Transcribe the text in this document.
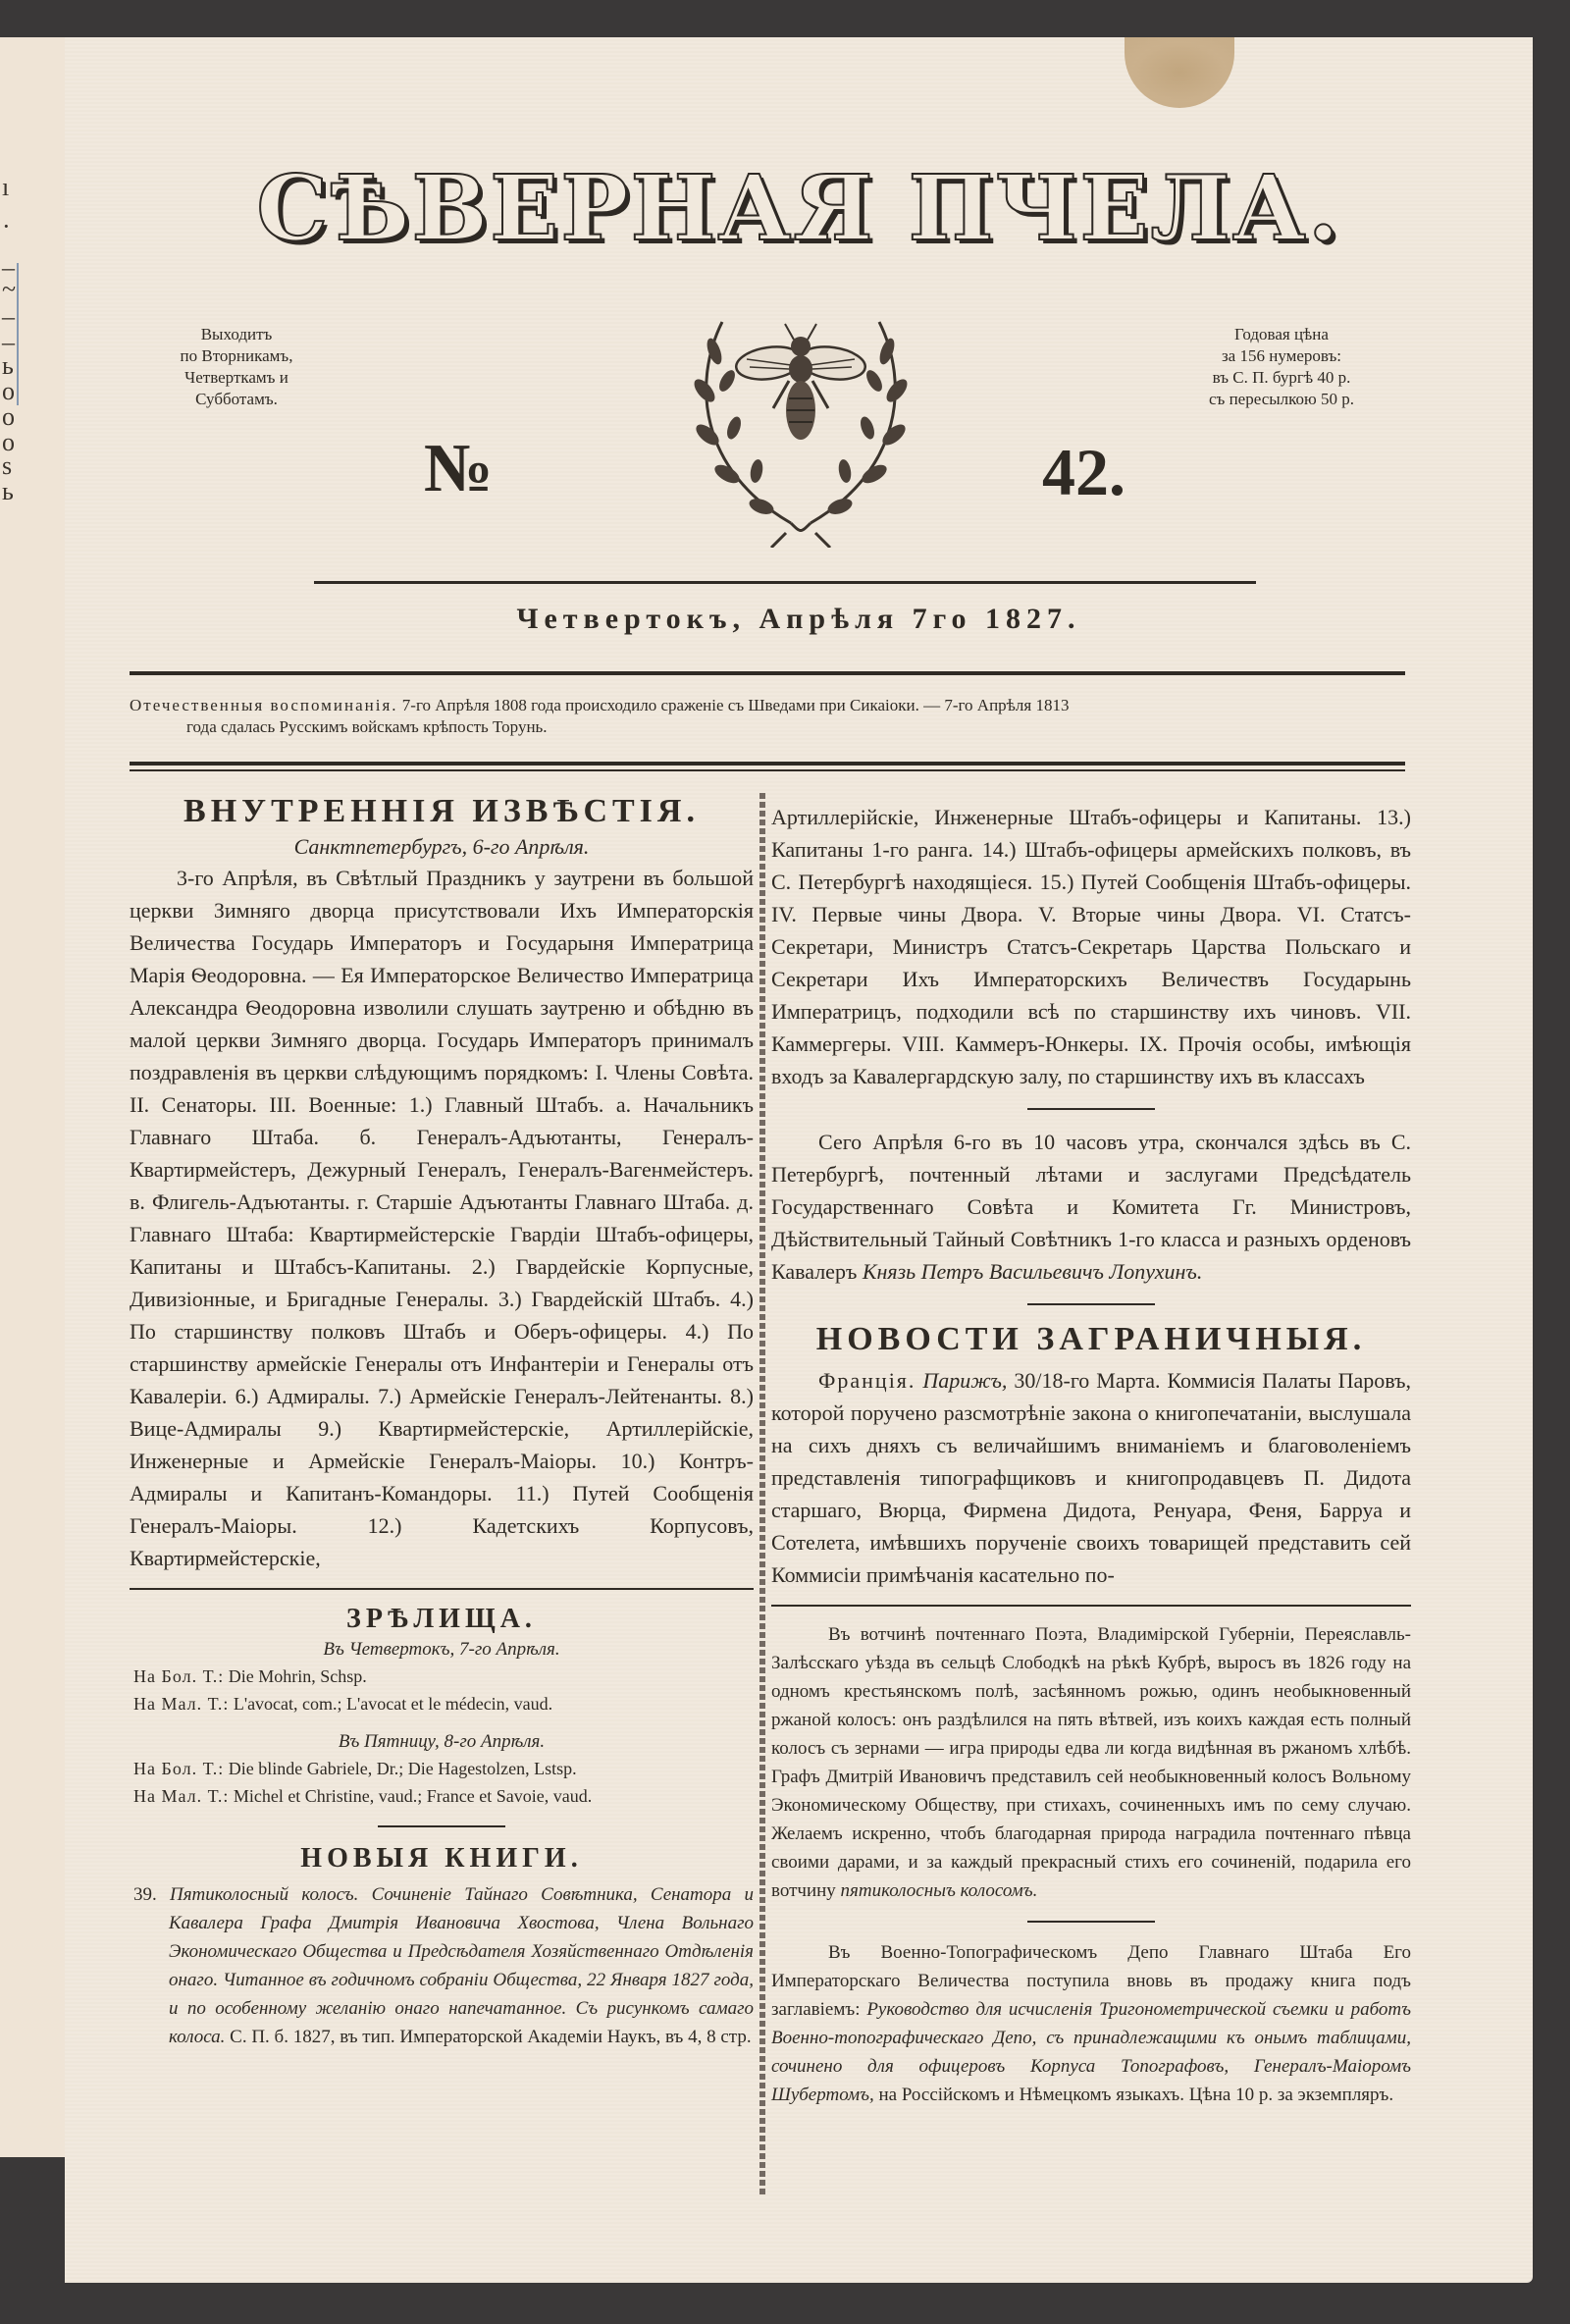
ı
·
–
~
–
–
ь
о
о
о
s
ь
СѢВЕРНАЯ ПЧЕЛА.
Выходитъ
по Вторникамъ,
Четверткамъ и
Субботамъ.
Годовая цѣна
за 156 нумеровъ:
въ С. П. бургѣ 40 р.
съ пересылкою 50 р.
№	42.
Четвертокъ, Апрѣля 7го 1827.
Отечественныя воспоминанія. 7-го Апрѣля 1808 года происходило сраженіе съ Шведами при Сикаіоки. — 7-го Апрѣля 1813
года сдалась Русскимъ войскамъ крѣпость Торунь.
ВНУТРЕННІЯ ИЗВѢСТІЯ.
Санктпетербургъ, 6-го Апрѣля.

3-го Апрѣля, въ Свѣтлый Праздникъ у заутрени въ большой церкви Зимняго дворца присутствовали Ихъ Императорскія Величества Государь Императоръ и Государыня Императрица Марія Ѳеодоровна. — Ея Императорское Величество Императрица Александра Ѳеодоровна изволили слушать заутреню и обѣдню въ малой церкви Зимняго дворца. Государь Императоръ принималъ поздравленія въ церкви слѣдующимъ порядкомъ: I. Члены Совѣта. II. Сенаторы. III. Военные: 1.) Главный Штабъ. а. Начальникъ Главнаго Штаба. б. Генералъ-Адъютанты, Генералъ-Квартирмейстеръ, Дежурный Генералъ, Генералъ-Вагенмейстеръ. в. Флигель-Адъютанты. г. Старшіе Адъютанты Главнаго Штаба. д. Главнаго Штаба: Квартирмейстерскіе Гвардіи Штабъ-офицеры, Капитаны и Штабсъ-Капитаны. 2.) Гвардейскіе Корпусные, Дивизіонные, и Бригадные Генералы. 3.) Гвардейскій Штабъ. 4.) По старшинству полковъ Штабъ и Оберъ-офицеры. 4.) По старшинству армейскіе Генералы отъ Инфантеріи и Генералы отъ Кавалеріи. 6.) Адмиралы. 7.) Армейскіе Генералъ-Лейтенанты. 8.) Вице-Адмиралы 9.) Квартирмейстерскіе, Артиллерійскіе, Инженерные и Армейскіе Генералъ-Маіоры. 10.) Контръ-Адмиралы и Капитанъ-Командоры. 11.) Путей Сообщенія Генералъ-Маіоры. 12.) Кадетскихъ Корпусовъ, Квартирмейстерскіе,

ЗРѢЛИЩА.
Въ Четвертокъ, 7-го Апрѣля.
На Бол. Т.: Die Mohrin, Schsp.
На Мал. Т.: L'avocat, com.; L'avocat et le médecin, vaud.
Въ Пятницу, 8-го Апрѣля.
На Бол. Т.: Die blinde Gabriele, Dr.; Die Hagestolzen, Lstsp.
На Мал. Т.: Michel et Christine, vaud.; France et Savoie, vaud.
НОВЫЯ КНИГИ.
39. Пятиколосный колосъ. Сочиненіе Тайнаго Совѣтника, Сенатора и Кавалера Графа Дмитрія Ивановича Хвостова, Члена Вольнаго Экономическаго Общества и Предсѣдателя Хозяйственнаго Отдѣленія онаго. Читанное въ годичномъ собраніи Общества, 22 Января 1827 года, и по особенному желанію онаго напечатанное. Съ рисункомъ самаго колоса. С. П. б. 1827, въ тип. Императорской Академіи Наукъ, въ 4, 8 стр.

Артиллерійскіе, Инженерные Штабъ-офицеры и Капитаны. 13.) Капитаны 1-го ранга. 14.) Штабъ-офицеры армейскихъ полковъ, въ С. Петербургѣ находящіеся. 15.) Путей Сообщенія Штабъ-офицеры. IV. Первые чины Двора. V. Вторые чины Двора. VI. Статсъ-Секретари, Министръ Статсъ-Секретарь Царства Польскаго и Секретари Ихъ Императорскихъ Величествъ Государынь Императрицъ, подходили всѣ по старшинству ихъ чиновъ. VII. Каммергеры. VIII. Каммеръ-Юнкеры. IX. Прочія особы, имѣющія входъ за Кавалергардскую залу, по старшинству ихъ въ классахъ

Сего Апрѣля 6-го въ 10 часовъ утра, скончался здѣсь въ С. Петербургѣ, почтенный лѣтами и заслугами Предсѣдатель Государственнаго Совѣта и Комитета Гг. Министровъ, Дѣйствительный Тайный Совѣтникъ 1-го класса и разныхъ орденовъ Кавалеръ Князь Петръ Васильевичъ Лопухинъ.

НОВОСТИ ЗАГРАНИЧНЫЯ.

Франція. Парижъ, 30/18-го Марта. Коммисія Палаты Паровъ, которой поручено разсмотрѣніе закона о книгопечатаніи, выслушала на сихъ дняхъ съ величайшимъ вниманіемъ и благоволеніемъ представленія типографщиковъ и книгопродавцевъ П. Дидота старшаго, Вюрца, Фирмена Дидота, Ренуара, Феня, Барруа и Сотелета, имѣвшихъ порученіе своихъ товарищей представить сей Коммисіи примѣчанія касательно по-

Въ вотчинѣ почтеннаго Поэта, Владимірской Губерніи, Переяславль-Залѣсскаго уѣзда въ сельцѣ Слободкѣ на рѣкѣ Кубрѣ, выросъ въ 1826 году на одномъ крестьянскомъ полѣ, засѣянномъ рожью, одинъ необыкновенный ржаной колосъ: онъ раздѣлился на пять вѣтвей, изъ коихъ каждая есть полный колосъ съ зернами — игра природы едва ли когда видѣнная въ ржаномъ хлѣбѣ. Графъ Дмитрій Ивановичъ представилъ сей необыкновенный колосъ Вольному Экономическому Обществу, при стихахъ, сочиненныхъ имъ по сему случаю. Желаемъ искренно, чтобъ благодарная природа наградила почтеннаго пѣвца своими дарами, и за каждый прекрасный стихъ его сочиненій, подарила его вотчину пятиколосныъ колосомъ.

Въ Военно-Топографическомъ Депо Главнаго Штаба Его Императорскаго Величества поступила вновь въ продажу книга подъ заглавіемъ: Руководство для исчисленія Тригонометрической съемки и работъ Военно-топографическаго Депо, съ принадлежащими къ онымъ таблицами, сочинено для офицеровъ Корпуса Топографовъ, Генералъ-Маіоромъ Шубертомъ, на Россійскомъ и Нѣмецкомъ языкахъ. Цѣна 10 р. за экземпляръ.
